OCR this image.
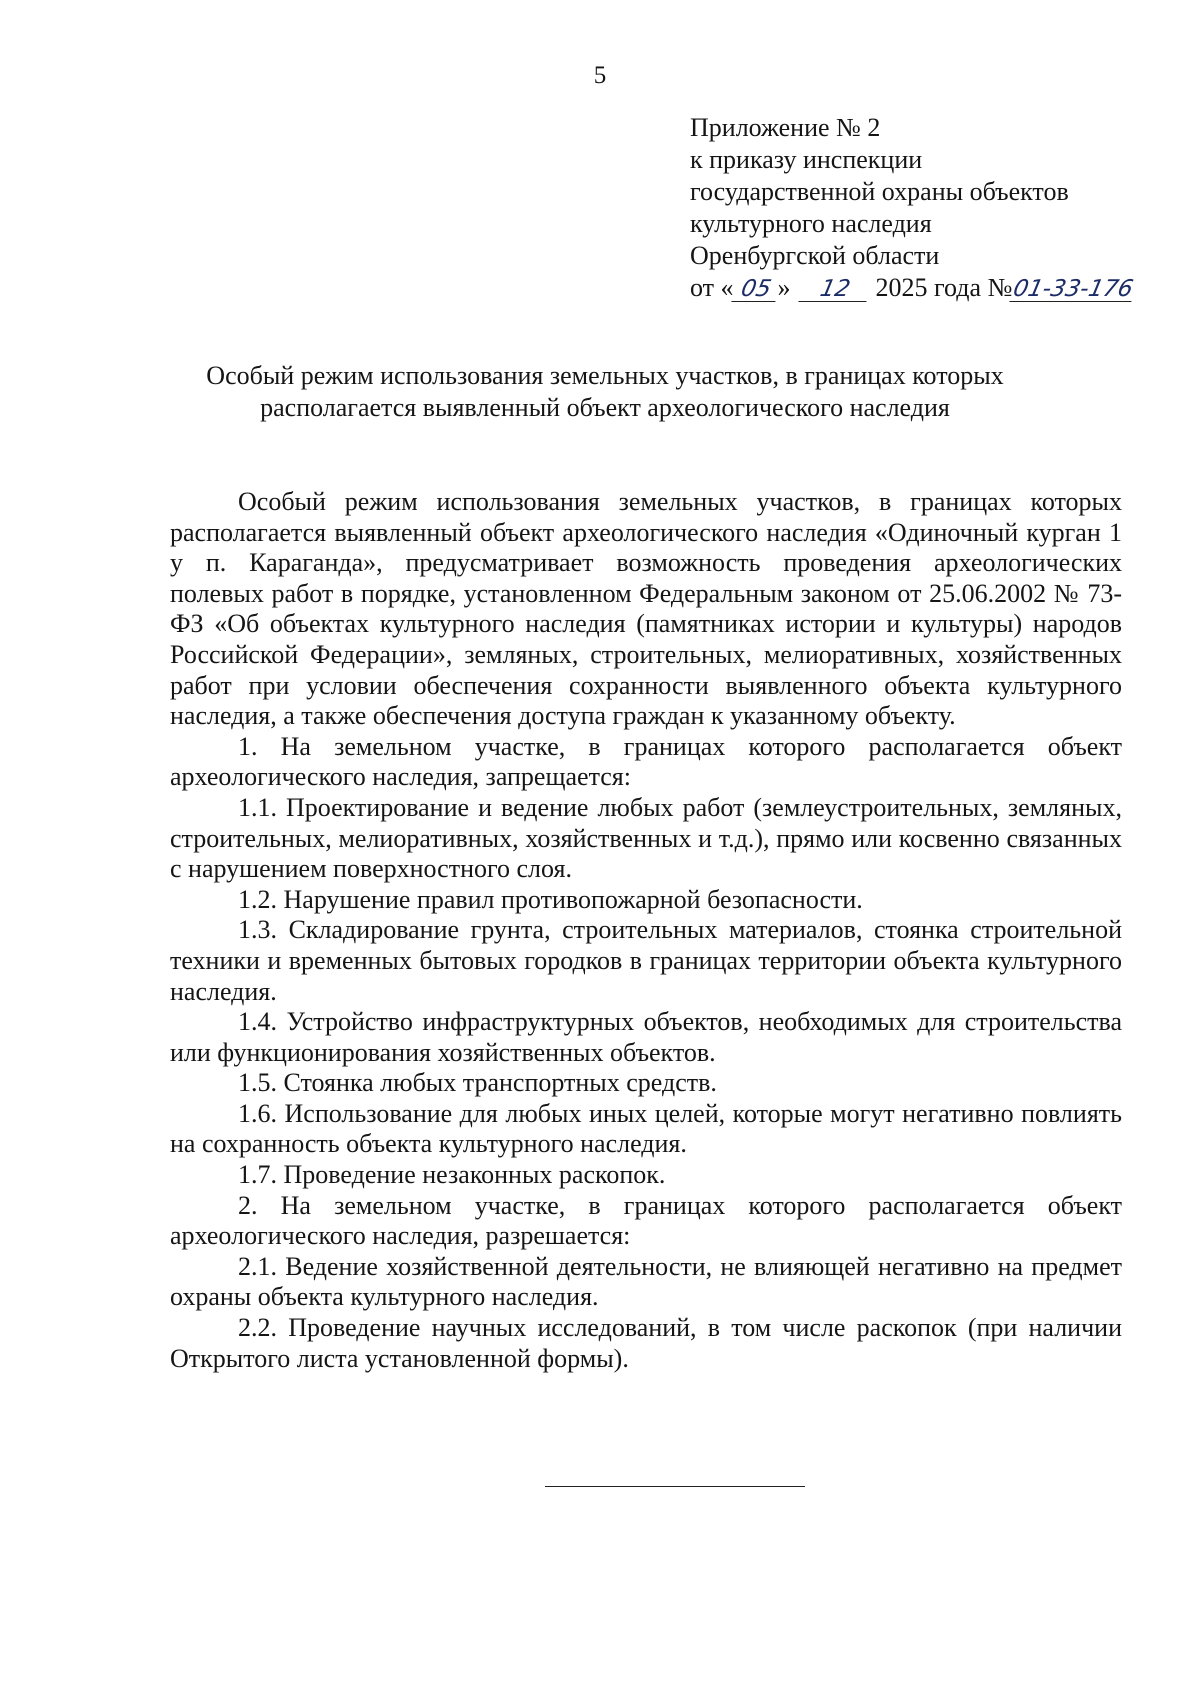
5
Приложение № 2
к приказу инспекции
государственной охраны объектов
культурного наследия
Оренбургской области
от « 05 » 12 2025 года №01-33-176
Особый режим использования земельных участков, в границах которых располагается выявленный объект археологического наследия

Особый режим использования земельных участков, в границах которых располагается выявленный объект археологического наследия «Одиночный курган 1 у п. Караганда», предусматривает возможность проведения археологических полевых работ в порядке, установленном Федеральным законом от 25.06.2002 № 73-ФЗ «Об объектах культурного наследия (памятниках истории и культуры) народов Российской Федерации», земляных, строительных, мелиоративных, хозяйственных работ при условии обеспечения сохранности выявленного объекта культурного наследия, а также обеспечения доступа граждан к указанному объекту.

1. На земельном участке, в границах которого располагается объект археологического наследия, запрещается:

1.1. Проектирование и ведение любых работ (землеустроительных, земляных, строительных, мелиоративных, хозяйственных и т.д.), прямо или косвенно связанных с нарушением поверхностного слоя.

1.2. Нарушение правил противопожарной безопасности.

1.3. Складирование грунта, строительных материалов, стоянка строительной техники и временных бытовых городков в границах территории объекта культурного наследия.

1.4. Устройство инфраструктурных объектов, необходимых для строительства или функционирования хозяйственных объектов.

1.5. Стоянка любых транспортных средств.

1.6. Использование для любых иных целей, которые могут негативно повлиять на сохранность объекта культурного наследия.

1.7. Проведение незаконных раскопок.

2. На земельном участке, в границах которого располагается объект археологического наследия, разрешается:

2.1. Ведение хозяйственной деятельности, не влияющей негативно на предмет охраны объекта культурного наследия.

2.2. Проведение научных исследований, в том числе раскопок (при наличии Открытого листа установленной формы).
